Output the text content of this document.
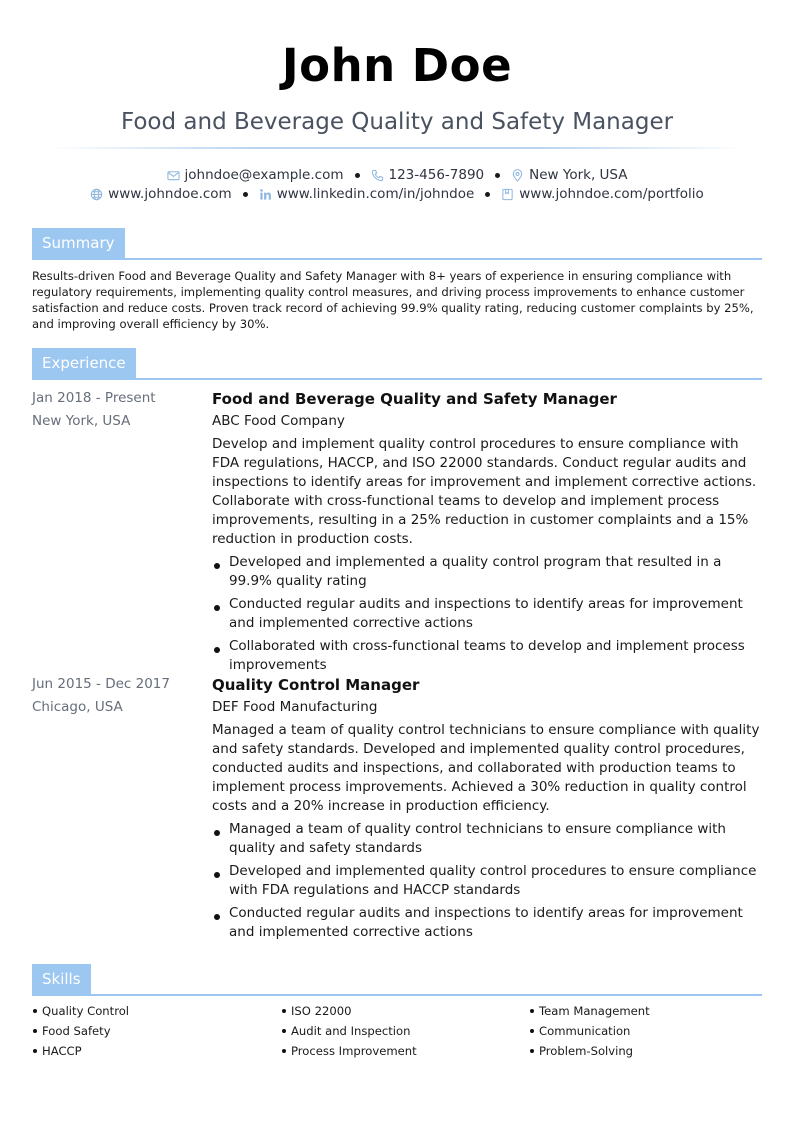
John Doe
Food and Beverage Quality and Safety Manager
johndoe@example.com	123-456-7890	New York, USA
www.johndoe.com	www.linkedin.com/in/johndoe	www.johndoe.com/portfolio
Summary
Results-driven Food and Beverage Quality and Safety Manager with 8+ years of experience in ensuring compliance with regulatory requirements, implementing quality control measures, and driving process improvements to enhance customer satisfaction and reduce costs. Proven track record of achieving 99.9% quality rating, reducing customer complaints by 25%, and improving overall efficiency by 30%.
Experience
Jan 2018 - Present
New York, USA
Food and Beverage Quality and Safety Manager
ABC Food Company
Develop and implement quality control procedures to ensure compliance with FDA regulations, HACCP, and ISO 22000 standards. Conduct regular audits and inspections to identify areas for improvement and implement corrective actions. Collaborate with cross-functional teams to develop and implement process improvements, resulting in a 25% reduction in customer complaints and a 15% reduction in production costs.
Developed and implemented a quality control program that resulted in a 99.9% quality rating
Conducted regular audits and inspections to identify areas for improvement and implemented corrective actions
Collaborated with cross-functional teams to develop and implement process improvements
Jun 2015 - Dec 2017
Chicago, USA
Quality Control Manager
DEF Food Manufacturing
Managed a team of quality control technicians to ensure compliance with quality and safety standards. Developed and implemented quality control procedures, conducted audits and inspections, and collaborated with production teams to implement process improvements. Achieved a 30% reduction in quality control costs and a 20% increase in production efficiency.
Managed a team of quality control technicians to ensure compliance with quality and safety standards
Developed and implemented quality control procedures to ensure compliance with FDA regulations and HACCP standards
Conducted regular audits and inspections to identify areas for improvement and implemented corrective actions
Skills
Quality Control
Food Safety
HACCP
ISO 22000
Audit and Inspection
Process Improvement
Team Management
Communication
Problem-Solving
